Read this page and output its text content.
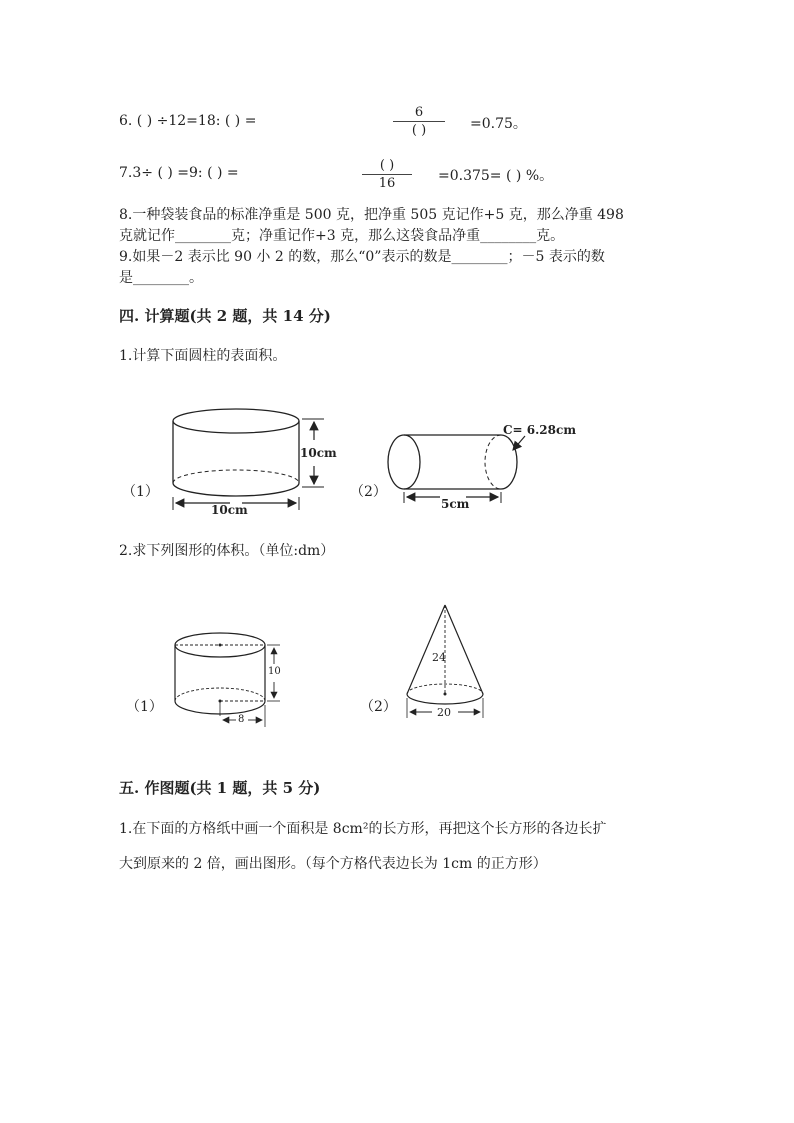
6. ( ) ÷12=18: ( ) =
6
( )	=0.75。
7.3÷ ( ) =9: ( ) =	( )
16	=0.375= ( ) %。
8.一种袋装食品的标准净重是 500 克，把净重 505 克记作+5 克，那么净重 498
克就记作________克；净重记作+3 克，那么这袋食品净重________克。
9.如果－2 表示比 90 小 2 的数，那么“0”表示的数是________；－5 表示的数
是________。
四. 计算题(共 2 题，共 14 分)
1.计算下面圆柱的表面积。
（1）
10cm
10cm
（2）
C= 6.28cm
5cm
2.求下列图形的体积。（单位:dm）
（1）
10
8
（2）
24
20
五. 作图题(共 1 题，共 5 分)
1.在下面的方格纸中画一个面积是 8cm²的长方形，再把这个长方形的各边长扩
大到原来的 2 倍，画出图形。（每个方格代表边长为 1cm 的正方形）
